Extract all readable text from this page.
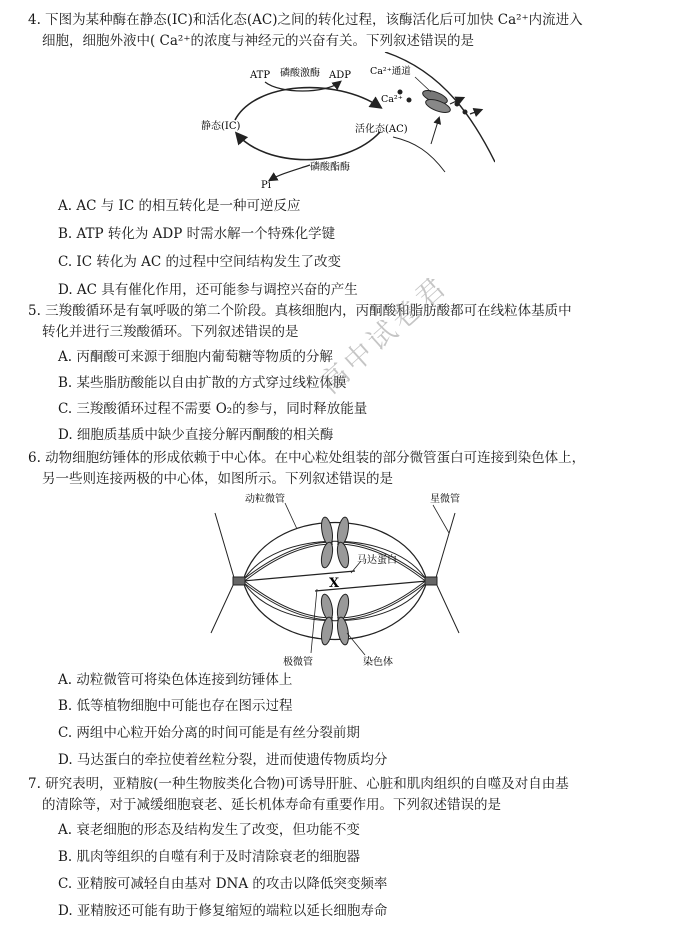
4. 下图为某种酶在静态(IC)和活化态(AC)之间的转化过程，该酶活化后可加快 Ca²⁺内流进入

细胞，细胞外液中( Ca²⁺的浓度与神经元的兴奋有关。下列叙述错误的是

ATP 磷酸激酶 ADP Ca²⁺通道
Ca²⁺
静态(IC)	活化态(AC)
磷酸酯酶
Pi
A. AC 与 IC 的相互转化是一种可逆反应
B. ATP 转化为 ADP 时需水解一个特殊化学键
C. IC 转化为 AC 的过程中空间结构发生了改变
D. AC 具有催化作用，还可能参与调控兴奋的产生

5. 三羧酸循环是有氧呼吸的第二个阶段。真核细胞内，丙酮酸和脂肪酸都可在线粒体基质中

转化并进行三羧酸循环。下列叙述错误的是

A. 丙酮酸可来源于细胞内葡萄糖等物质的分解
B. 某些脂肪酸能以自由扩散的方式穿过线粒体膜
C. 三羧酸循环过程不需要 O₂的参与，同时释放能量
D. 细胞质基质中缺少直接分解丙酮酸的相关酶

6. 动物细胞纺锤体的形成依赖于中心体。在中心粒处组装的部分微管蛋白可连接到染色体上，

另一些则连接两极的中心体，如图所示。下列叙述错误的是

X
动粒微管	星微管
马达蛋白
极微管	染色体
A. 动粒微管可将染色体连接到纺锤体上
B. 低等植物细胞中可能也存在图示过程
C. 两组中心粒开始分离的时间可能是有丝分裂前期
D. 马达蛋白的牵拉使着丝粒分裂，进而使遗传物质均分

7. 研究表明，亚精胺(一种生物胺类化合物)可诱导肝脏、心脏和肌肉组织的自噬及对自由基

的清除等，对于减缓细胞衰老、延长机体寿命有重要作用。下列叙述错误的是

A. 衰老细胞的形态及结构发生了改变，但功能不变
B. 肌肉等组织的自噬有利于及时清除衰老的细胞器
C. 亚精胺可减轻自由基对 DNA 的攻击以降低突变频率
D. 亚精胺还可能有助于修复缩短的端粒以延长细胞寿命
高中试卷君
